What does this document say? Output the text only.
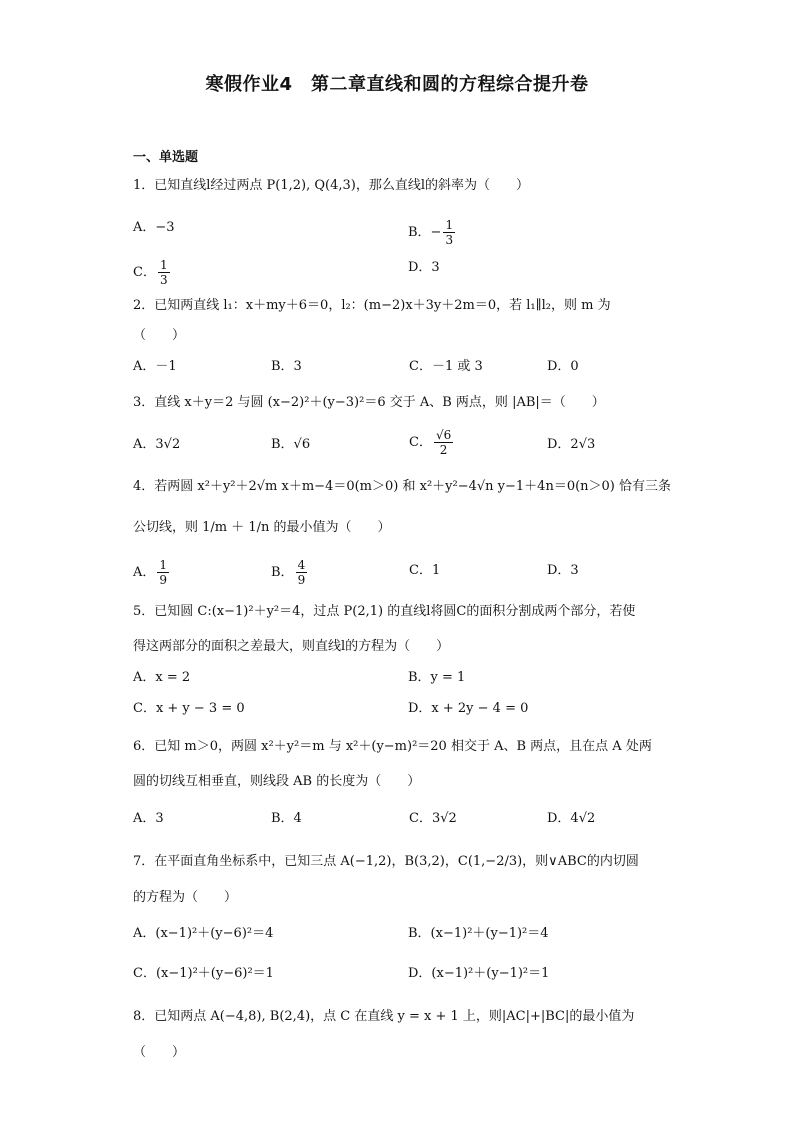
寒假作业4　第二章直线和圆的方程综合提升卷
一、单选题
1．已知直线l经过两点 P(1,2), Q(4,3)，那么直线l的斜率为（　　）
A．−3	B．− $\frac{1}{3}$
C． $\frac{1}{3}$	D．3
2．已知两直线 l₁：x＋my＋6＝0，l₂：(m−2)x＋3y＋2m＝0，若 l₁∥l₂，则 m 为
（　　）
A．－1	B．3	C．－1 或 3	D．0
3．直线 x＋y＝2 与圆 (x−2)²＋(y−3)²＝6 交于 A、B 两点，则 |AB|＝（　　）
A．3√2	B．√6	C． $\frac{√6}{2}$	D．2√3
4．若两圆 x²＋y²＋2√m x＋m−4＝0(m＞0) 和 x²＋y²−4√n y−1＋4n＝0(n＞0) 恰有三条
公切线，则 1/m ＋ 1/n 的最小值为（　　）
A． $\frac{1}{9}$	B． $\frac{4}{9}$	C．1	D．3
5．已知圆 C:(x−1)²＋y²＝4，过点 P(2,1) 的直线l将圆C的面积分割成两个部分，若使
得这两部分的面积之差最大，则直线l的方程为（　　）
A．x = 2	B．y = 1
C．x + y − 3 = 0	D．x + 2y − 4 = 0
6．已知 m＞0，两圆 x²＋y²＝m 与 x²＋(y−m)²＝20 相交于 A、B 两点，且在点 A 处两
圆的切线互相垂直，则线段 AB 的长度为（　　）
A．3	B．4	C．3√2	D．4√2
7．在平面直角坐标系中，已知三点 A(−1,2)，B(3,2)，C(1,−2/3)，则∨ABC的内切圆
的方程为（　　）
A．(x−1)²＋(y−6)²＝4	B．(x−1)²＋(y−1)²＝4
C．(x−1)²＋(y−6)²＝1	D．(x−1)²＋(y−1)²＝1
8．已知两点 A(−4,8), B(2,4)，点 C 在直线 y = x + 1 上，则|AC|+|BC|的最小值为
（　　）
